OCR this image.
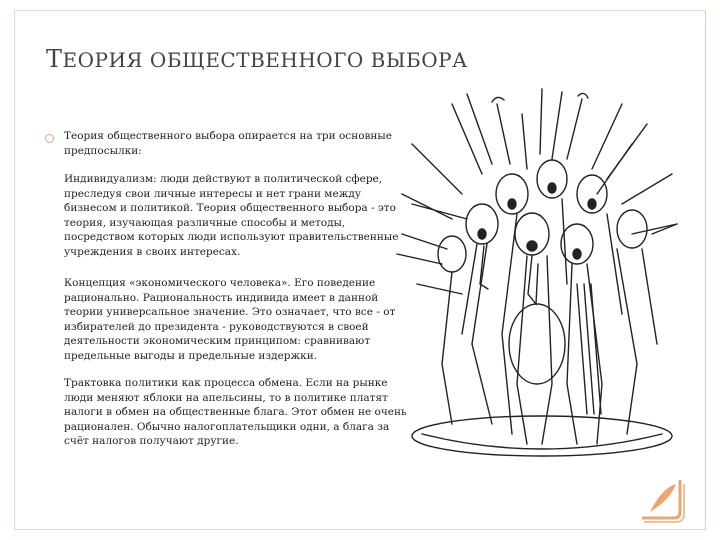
ТЕОРИЯ ОБЩЕСТВЕННОГО ВЫБОРА
Теория общественного выбора опирается на три основные предпосылки:
Индивидуализм: люди действуют в политической сфере, преследуя свои личные интересы и нет грани между бизнесом и политикой. Теория общественного выбора - это теория, изучающая различные способы и методы, посредством которых люди используют правительственные учреждения в своих интересах.
Концепция «экономического человека». Его поведение рационально. Рациональность индивида имеет в данной теории универсальное значение. Это означает, что все - от избирателей до президента - руководствуются в своей деятельности экономическим принципом: сравнивают предельные выгоды и предельные издержки.
Трактовка политики как процесса обмена. Если на рынке люди меняют яблоки на апельсины, то в политике платят налоги в обмен на общественные блага. Этот обмен не очень рационален. Обычно налогоплательщики одни, а блага за счёт налогов получают другие.
